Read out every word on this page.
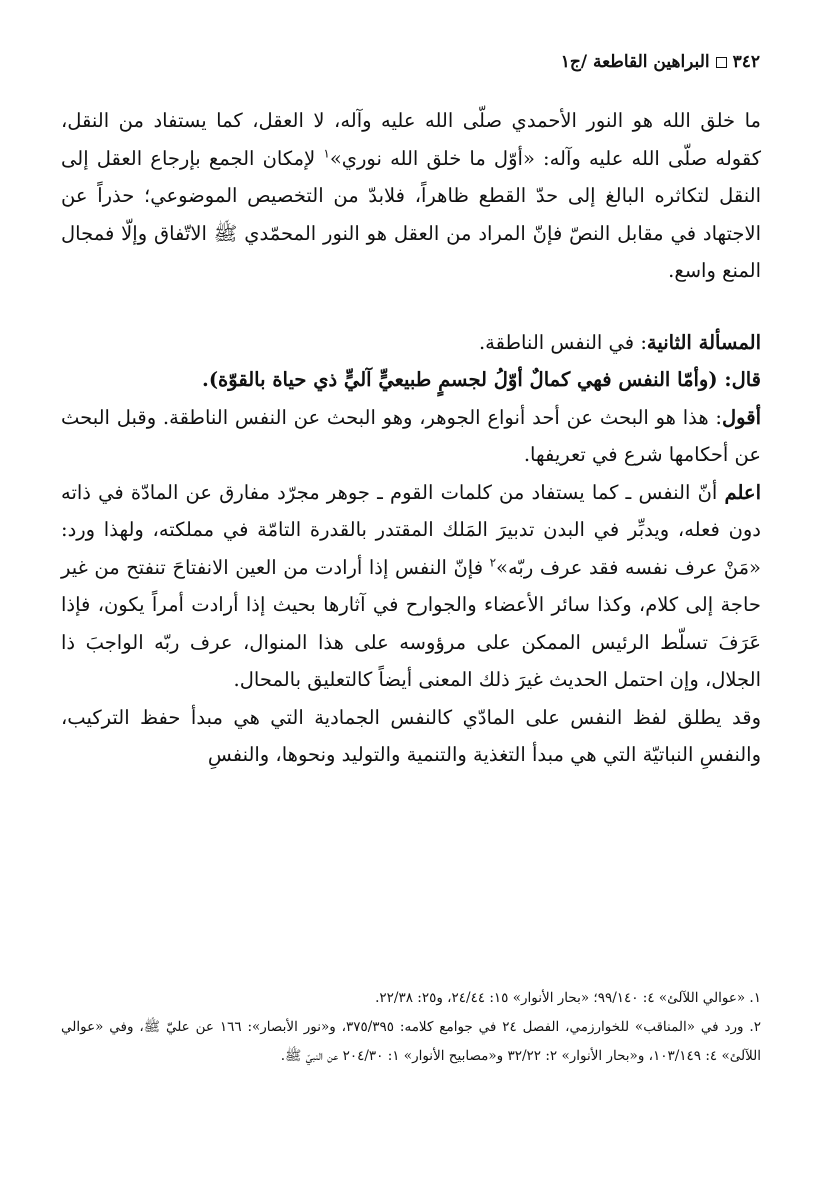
٣٤٢
البراهين القاطعة /ج١

ما خلق الله هو النور الأحمدي صلّى الله عليه وآله، لا العقل، كما يستفاد من النقل، كقوله صلّى الله عليه وآله: «أوّل ما خلق الله نوري»$^١$ لإمكان الجمع بإرجاع العقل إلى النقل لتكاثره البالغ إلى حدّ القطع ظاهراً، فلابدّ من التخصيص الموضوعي؛ حذراً عن الاجتهاد في مقابل النصّ فإنّ المراد من العقل هو النور المحمّدي ﷺ الاتّفاق وإلّا فمجال المنع واسع.

المسألة الثانية: في النفس الناطقة.

قال: (وأمّا النفس فهي كمالٌ أوّلُ لجسمٍ طبيعيٍّ آليٍّ ذي حياة بالقوّة).

أقول: هذا هو البحث عن أحد أنواع الجوهر، وهو البحث عن النفس الناطقة. وقبل البحث عن أحكامها شرع في تعريفها.

اعلم أنّ النفس ـ كما يستفاد من كلمات القوم ـ جوهر مجرّد مفارق عن المادّة في ذاته دون فعله، ويدبِّر في البدن تدبيرَ المَلك المقتدر بالقدرة التامّة في مملكته، ولهذا ورد: «مَنْ عرف نفسه فقد عرف ربّه»$^٢$ فإنّ النفس إذا أرادت من العين الانفتاحَ تنفتح من غير حاجة إلى كلام، وكذا سائر الأعضاء والجوارح في آثارها بحيث إذا أرادت أمراً يكون، فإذا عَرَفَ تسلّط الرئيس الممكن على مرؤوسه على هذا المنوال، عرف ربّه الواجبَ ذا الجلال، وإن احتمل الحديث غيرَ ذلك المعنى أيضاً كالتعليق بالمحال.

وقد يطلق لفظ النفس على المادّي كالنفس الجمادية التي هي مبدأ حفظ التركيب، والنفسِ النباتيّة التي هي مبدأ التغذية والتنمية والتوليد ونحوها، والنفسِ

١. «عوالي اللآلئ» ٤: ٩٩/١٤٠؛ «بحار الأنوار» ١٥: ٢٤/٤٤، و٢٥: ٢٢/٣٨.

٢. ورد في «المناقب» للخوارزمي، الفصل ٢٤ في جوامع كلامه: ٣٧٥/٣٩٥، و«نور الأبصار»: ١٦٦ عن عليّ ﷺ، وفي «عوالي اللآلئ» ٤: ١٠٣/١٤٩، و«بحار الأنوار» ٢: ٣٢/٢٢ و«مصابيح الأنوار» ١: ٢٠٤/٣٠ عن النبيّ ﷺ.
